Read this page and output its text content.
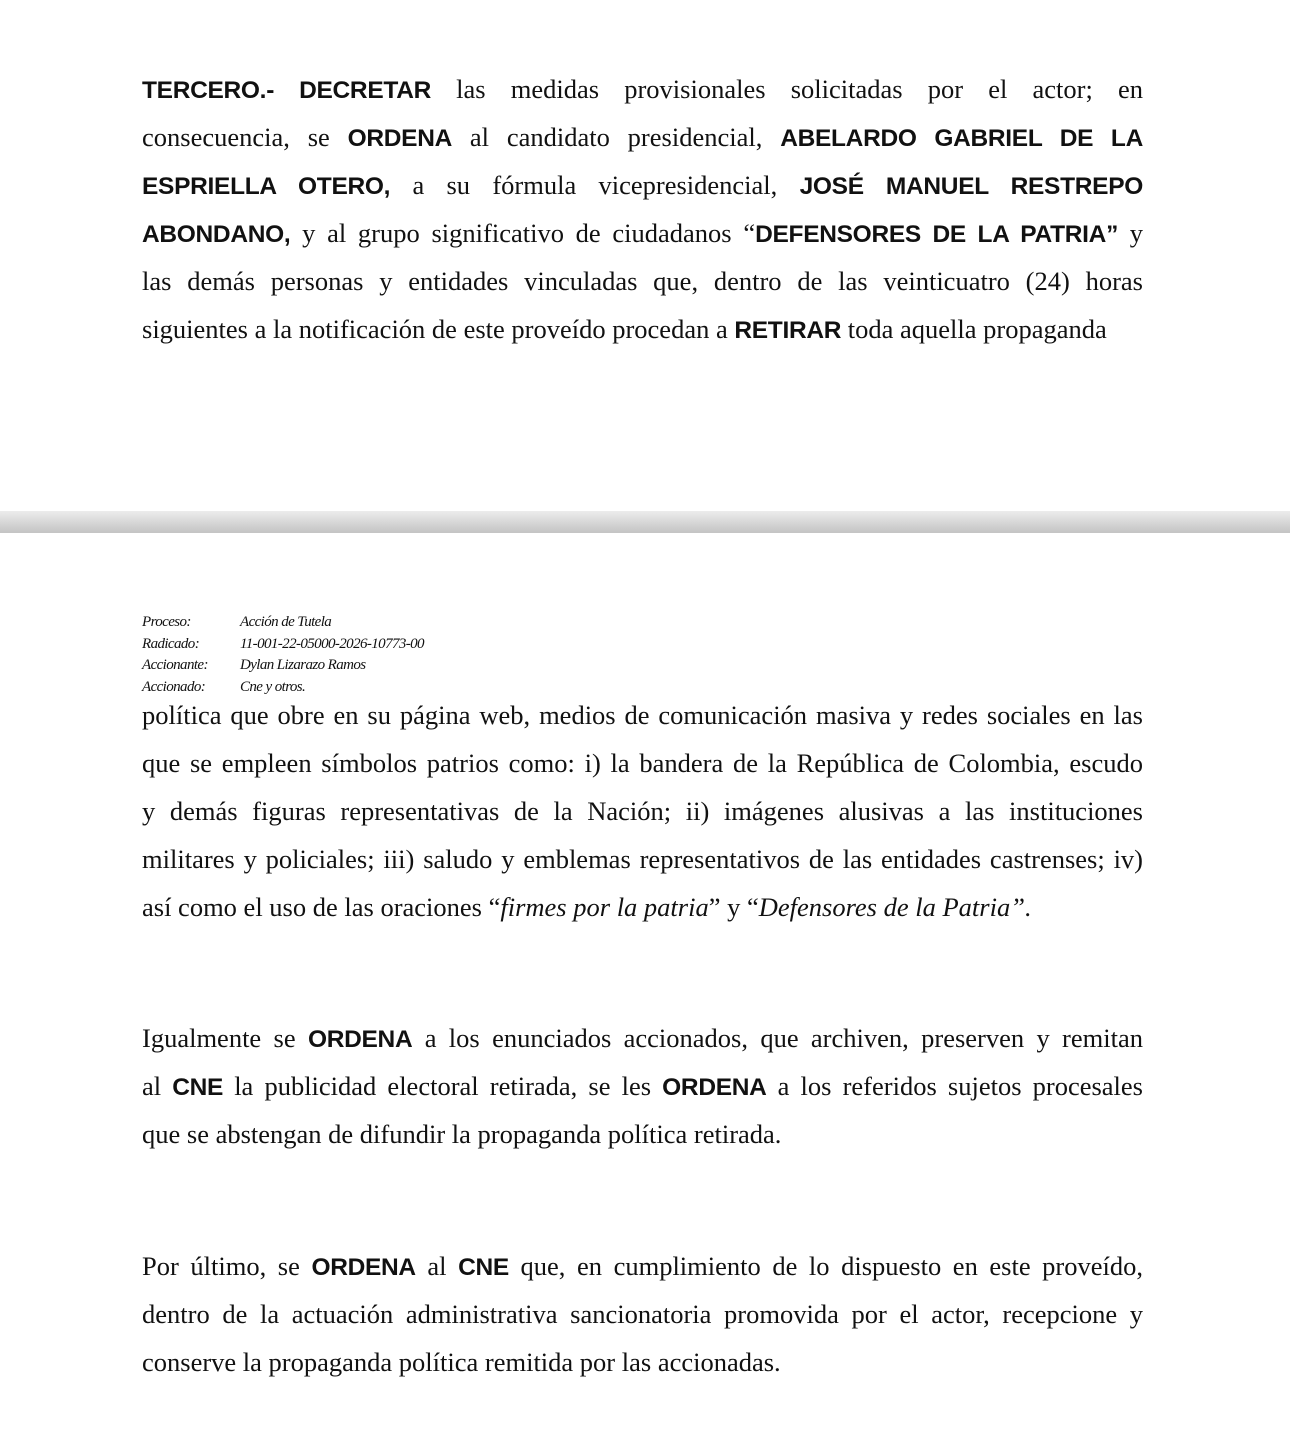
TERCERO.- DECRETAR las medidas provisionales solicitadas por el actor; en
consecuencia, se ORDENA al candidato presidencial, ABELARDO GABRIEL DE LA
ESPRIELLA OTERO, a su fórmula vicepresidencial, JOSÉ MANUEL RESTREPO
ABONDANO, y al grupo significativo de ciudadanos “DEFENSORES DE LA PATRIA” y
las demás personas y entidades vinculadas que, dentro de las veinticuatro (24) horas
siguientes a la notificación de este proveído procedan a RETIRAR toda aquella propaganda
Proceso:	Acción de Tutela
Radicado:	11-001-22-05000-2026-10773-00
Accionante:	Dylan Lizarazo Ramos
Accionado:	Cne y otros.
política que obre en su página web, medios de comunicación masiva y redes sociales en las
que se empleen símbolos patrios como: i) la bandera de la República de Colombia, escudo
y demás figuras representativas de la Nación; ii) imágenes alusivas a las instituciones
militares y policiales; iii) saludo y emblemas representativos de las entidades castrenses; iv)
así como el uso de las oraciones “firmes por la patria” y “Defensores de la Patria”.
Igualmente se ORDENA a los enunciados accionados, que archiven, preserven y remitan
al CNE la publicidad electoral retirada, se les ORDENA a los referidos sujetos procesales
que se abstengan de difundir la propaganda política retirada.
Por último, se ORDENA al CNE que, en cumplimiento de lo dispuesto en este proveído,
dentro de la actuación administrativa sancionatoria promovida por el actor, recepcione y
conserve la propaganda política remitida por las accionadas.
